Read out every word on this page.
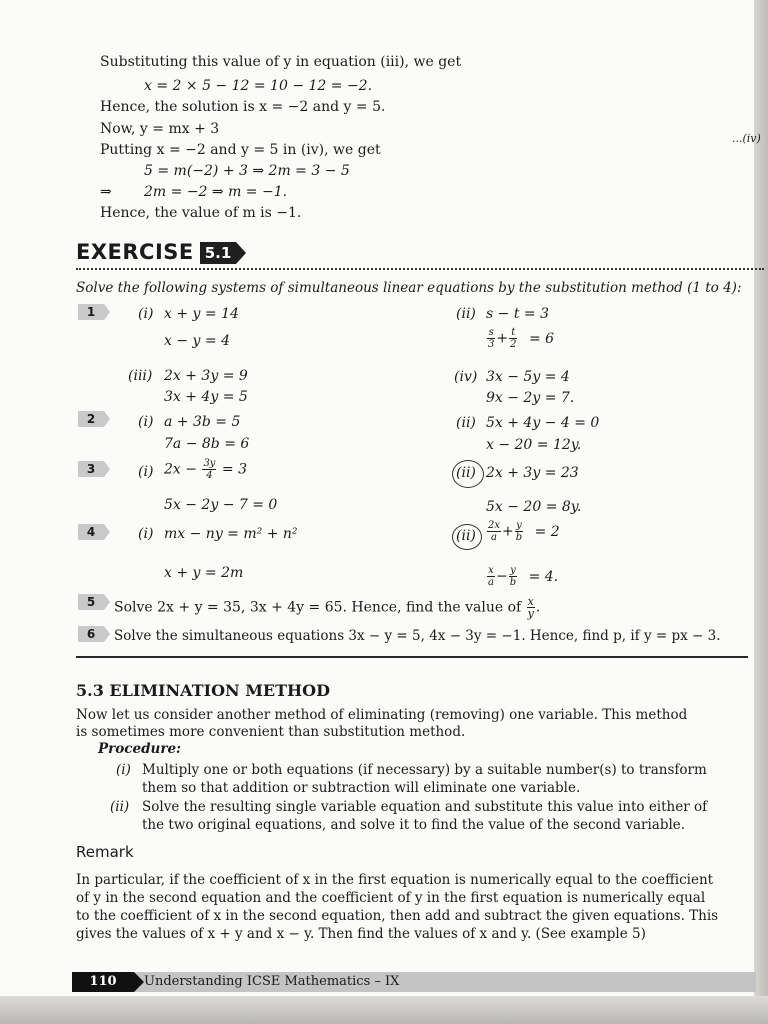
Substituting this value of y in equation (iii), we get
x = 2 × 5 − 12 = 10 − 12 = −2.
Hence, the solution is x = −2 and y = 5.
Now, y = mx + 3
...(iv)
Putting x = −2 and y = 5 in (iv), we get
5 = m(−2) + 3 ⇒ 2m = 3 − 5
⇒ 2m = −2 ⇒ m = −1.
Hence, the value of m is −1.
EXERCISE 5.1
Solve the following systems of simultaneous linear equations by the substitution method (1 to 4):
1	(i) x + y = 14
x − y = 4
(ii) s − t = 3
$\frac{s}{3} + \frac{t}{2} = 6$
(iii) 2x + 3y = 9
3x + 4y = 5
(iv) 3x − 5y = 4
9x − 2y = 7.
2	(i) a + 3b = 5
7a − 8b = 6
(ii) 5x + 4y − 4 = 0
x − 20 = 12y.
3	(i) $2x - \frac{3y}{4} = 3$
5x − 2y − 7 = 0
(ii) 2x + 3y = 23
5x − 20 = 8y.
4	(i) mx − ny = m² + n²
x + y = 2m
$(ii) \frac{2x}{a} + \frac{y}{b} = 2$
$\frac{x}{a} - \frac{y}{b} = 4$.
5	Solve 2x + y = 35, 3x + 4y = 65. Hence, find the value of $\frac{x}{y}$ .
6	Solve the simultaneous equations 3x − y = 5, 4x − 3y = −1. Hence, find p, if y = px − 3.
5.3 ELIMINATION METHOD
Now let us consider another method of eliminating (removing) one variable. This method
is sometimes more convenient than substitution method.
Procedure:
(i) Multiply one or both equations (if necessary) by a suitable number(s) to transform
them so that addition or subtraction will eliminate one variable.
(ii) Solve the resulting single variable equation and substitute this value into either of
the two original equations, and solve it to find the value of the second variable.
Remark
In particular, if the coefficient of x in the first equation is numerically equal to the coefficient
of y in the second equation and the coefficient of y in the first equation is numerically equal
to the coefficient of x in the second equation, then add and subtract the given equations. This
gives the values of x + y and x − y. Then find the values of x and y. (See example 5)
110	Understanding ICSE Mathematics – IX
